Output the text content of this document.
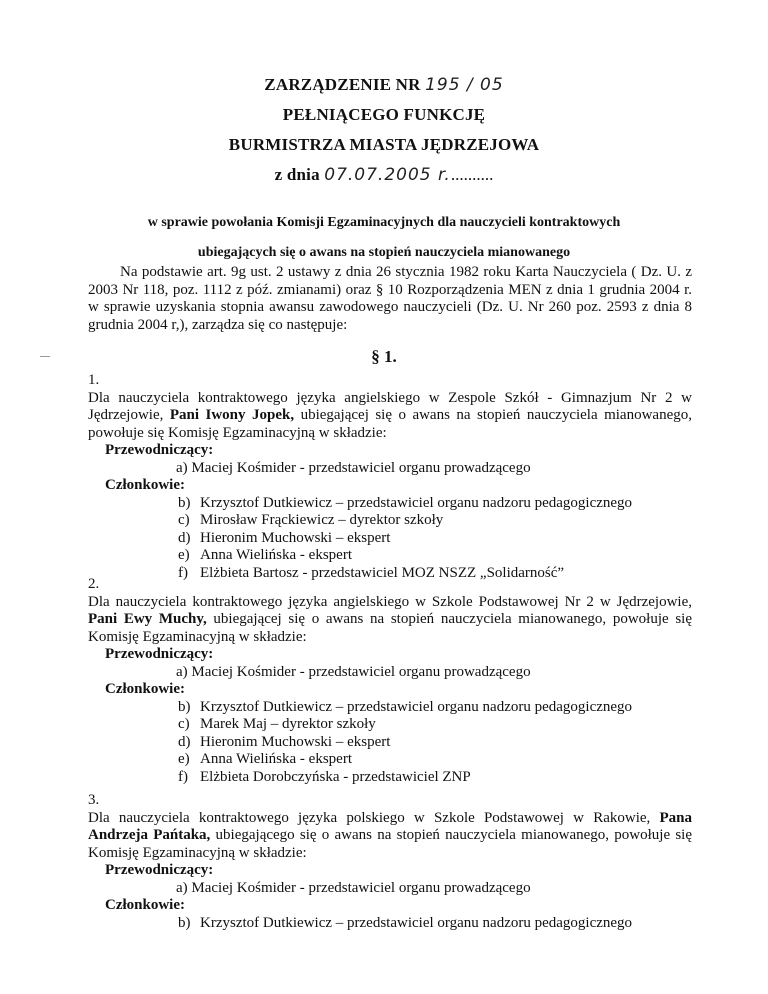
ZARZĄDZENIE NR 195 / 05
PEŁNIĄCEGO FUNKCJĘ
BURMISTRZA MIASTA JĘDRZEJOWA
z dnia 07.07.2005 r...........
w sprawie powołania Komisji Egzaminacyjnych dla nauczycieli kontraktowych
ubiegających się o awans na stopień nauczyciela mianowanego
Na podstawie art. 9g ust. 2 ustawy z dnia 26 stycznia 1982 roku Karta Nauczyciela ( Dz. U. z 2003 Nr 118, poz. 1112 z póź. zmianami) oraz § 10 Rozporządzenia MEN z dnia 1 grudnia 2004 r. w sprawie uzyskania stopnia awansu zawodowego nauczycieli (Dz. U. Nr 260 poz. 2593 z dnia 8 grudnia 2004 r,), zarządza się co następuje:
§ 1.
1.
Dla nauczyciela kontraktowego języka angielskiego w Zespole Szkół - Gimnazjum Nr 2 w Jędrzejowie, Pani Iwony Jopek, ubiegającej się o awans na stopień nauczyciela mianowanego, powołuje się Komisję Egzaminacyjną w składzie:
Przewodniczący:
a) Maciej Kośmider - przedstawiciel organu prowadzącego
Członkowie:
b) Krzysztof Dutkiewicz – przedstawiciel organu nadzoru pedagogicznego
c) Mirosław Frąckiewicz – dyrektor szkoły
d) Hieronim Muchowski – ekspert
e) Anna Wielińska - ekspert
f) Elżbieta Bartosz - przedstawiciel MOZ NSZZ „Solidarność”
2.
Dla nauczyciela kontraktowego języka angielskiego w Szkole Podstawowej Nr 2 w Jędrzejowie, Pani Ewy Muchy, ubiegającej się o awans na stopień nauczyciela mianowanego, powołuje się Komisję Egzaminacyjną w składzie:
Przewodniczący:
a) Maciej Kośmider - przedstawiciel organu prowadzącego
Członkowie:
b) Krzysztof Dutkiewicz – przedstawiciel organu nadzoru pedagogicznego
c) Marek Maj – dyrektor szkoły
d) Hieronim Muchowski – ekspert
e) Anna Wielińska - ekspert
f) Elżbieta Dorobczyńska - przedstawiciel ZNP
3.
Dla nauczyciela kontraktowego języka polskiego w Szkole Podstawowej w Rakowie, Pana Andrzeja Pańtaka, ubiegającego się o awans na stopień nauczyciela mianowanego, powołuje się Komisję Egzaminacyjną w składzie:
Przewodniczący:
a) Maciej Kośmider - przedstawiciel organu prowadzącego
Członkowie:
b) Krzysztof Dutkiewicz – przedstawiciel organu nadzoru pedagogicznego
